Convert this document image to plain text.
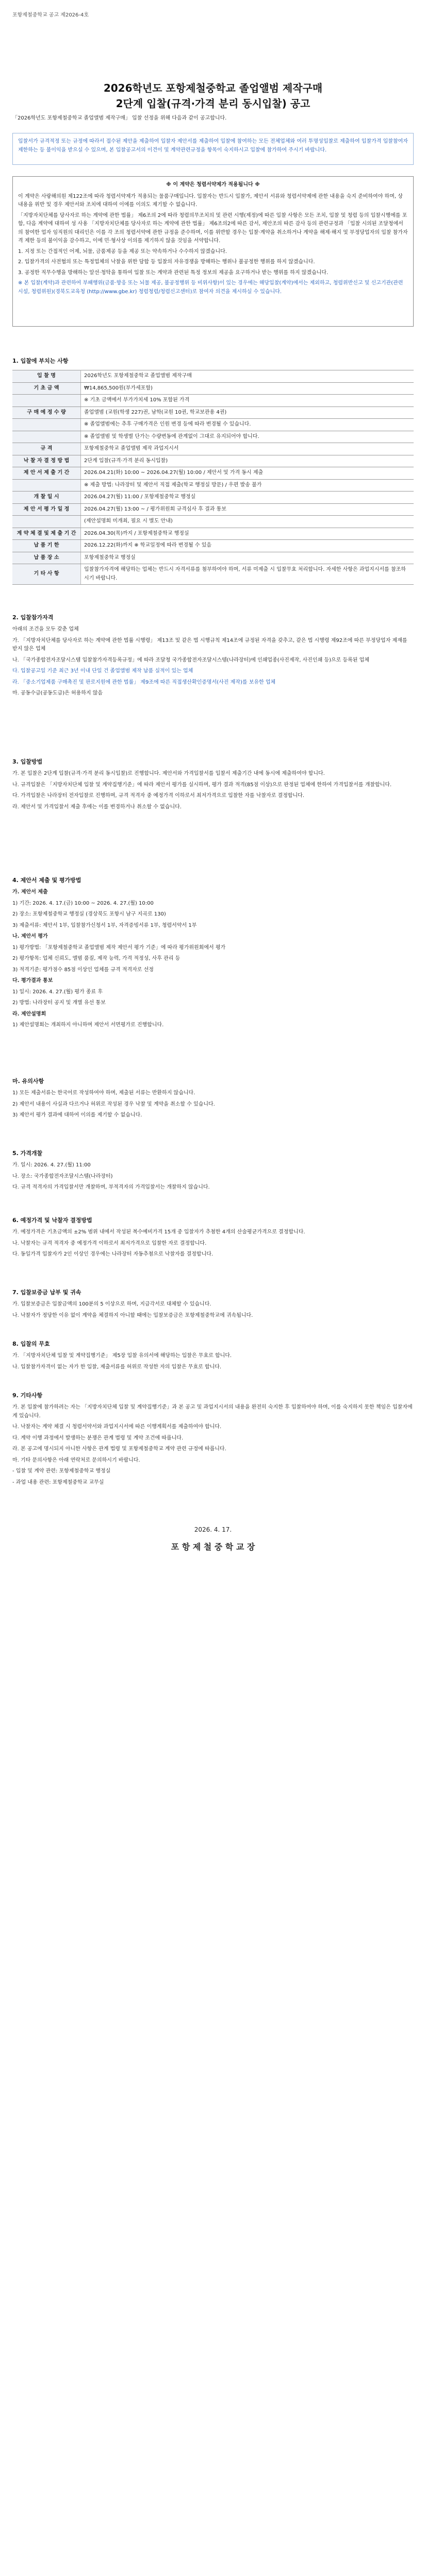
포항제철중학교 공고 제2026-4호
2026학년도 포항제철중학교 졸업앨범 제작구매
2단계 입찰(규격·가격 분리 동시입찰) 공고
「2026학년도 포항제철중학교 졸업앨범 제작구매」 입찰 선정을 위해 다음과 같이 공고합니다.
입찰서가 규격적정 또는 규정에 따라서 접수된 제안을 제출하여 입찰자 제안서를 제출하여 입찰에 참여하는 모든 전체업체와 여러 투명성입찰로 제출하여 입찰가격 입찰참여자 제한하는 등 불이익을 받으실 수 있으며, 본 입찰공고서의 이견이 및 계약관련규정을 항목이 숙지하시고 입찰에 참가하여 주시기 바랍니다.
※ 이 계약은 청렴서약제가 적용됩니다 ※

이 계약은 사랑해의원 제122조에 따라 청렴서약제가 적용되는 물품구매입니다. 입찰자는 반드시 입찰가, 제안서 서류와 청렴서약제에 관한 내용을 숙지 준비하여야 하며, 상 내용을 위반 및 경우 제안서와 조치에 대하여 이에를 이의도 제기할 수 없습니다.

「지방자치단체를 당사자로 하는 계약에 관한 법률」 제6조의 2에 따라 청렴의무조치의 및 관련 시행(제정)에 따른 입찰 사항은 모든 조치, 입찰 및 청렴 등의 입찰시행에를 포함, 다음 계약에 대하여 성 사용 「지방자치단체를 당사자로 하는 계약에 관한 법률」 제6조의2에 따른 감서, 제안조의 따른 감사 등의 관련규정과 「입찰 시의된 조달청에서의 참여한 업자 임직원의 대리인은 이를 각 조의 청렴서약에 관한 규정을 준수하며, 이를 위반할 경우는 입찰·계약을 취소하거나 계약을 해제·해지 및 부정당업자의 입찰 참가자격 제한 등의 불이익을 감수하고, 이에 민·형사상 이의를 제기하지 않을 것임을 서약합니다.

1. 지정 또는 간접적인 어제, 뇌물, 금품제공 등을 제공 또는 약속하거나 수수하지 않겠습니다.

2. 입찰가격의 사전협의 또는 특정업체의 낙찰을 위한 담합 등 입찰의 자유경쟁을 방해하는 행위나 불공정한 행위를 하지 않겠습니다.

3. 공정한 직무수행을 방해하는 알선·청탁을 통하여 입찰 또는 계약과 관련된 특정 정보의 제공을 요구하거나 받는 행위를 하지 않겠습니다.

※ 본 입찰(계약)과 관련하여 부패행위(금품·향응 또는 뇌물 제공, 불공정행위 등 비위사항)이 있는 경우에는 해당입찰(계약)에서는 제외하고, 청렴위반신고 및 신고기관(관련 시설, 청렴위원)(경북도교육청 (http://www.gbe.kr) 청렴청렴/청렴신고센터)로 참여자 의견을 제시하실 수 있습니다.

1. 입찰에 부치는 사항
입 찰 명	2026학년도 포항제철중학교 졸업앨범 제작구매
기 초 금 액	₩14,865,500원(부가세포함)
	※ 기초 금액에서 부가가치세 10% 포함된 가격
구 매 예 정 수 량	졸업앨범 (교원(학생 227)권, 남학(교원 10권, 학교보관용 4권)
	※ 졸업앨범에는 추후 구매가격은 인원 변경 등에 따라 변경될 수 있습니다.
	※ 졸업앨범 및 학생별 단가는 수량변동에 관계없이 그대로 유지되어야 합니다.
규 격	포항제철중학교 졸업앨범 제작 과업지시서
낙 찰 자 결 정 방 법	2단계 입찰(규격·가격 분리 동시입찰)
제 안 서 제 출 기 간	2026.04.21(화) 10:00 ~ 2026.04.27(월) 10:00 / 제안서 및 가격 동시 제출
	※ 제출 방법: 나라장터 및 제안서 직접 제출(학교 행정실 방문) / 우편 발송 불가
개 찰 일 시	2026.04.27(월) 11:00 / 포항제철중학교 행정실
제 안 서 평 가 일 정	2026.04.27(월) 13:00 ~ / 평가위원회 규격심사 후 결과 통보
	(제안설명회 미개최, 필요 시 별도 안내)
계 약 체 결 및 제 출 기 간	2026.04.30(목)까지 / 포항제철중학교 행정실
납 품 기 한	2026.12.22(화)까지 ※ 학교일정에 따라 변경될 수 있음
납 품 장 소	포항제철중학교 행정실
기 타 사 항	입찰참가자격에 해당하는 업체는 반드시 자격서류를 첨부하여야 하며, 서류 미제출 시 입찰무효 처리합니다. 자세한 사항은 과업지시서를 참조하시기 바랍니다.
2. 입찰참가자격

아래의 조건을 모두 갖춘 업체

가. 「지방자치단체를 당사자로 하는 계약에 관한 법률 시행령」 제13조 및 같은 법 시행규칙 제14조에 규정된 자격을 갖추고, 같은 법 시행령 제92조에 따른 부정당업자 제재를 받지 않은 업체

나. 「국가종합전자조달시스템 입찰참가자격등록규정」에 따라 조달청 국가종합전자조달시스템(나라장터)에 인쇄업종(사진제작, 사진인쇄 등)으로 등록된 업체

다. 입찰공고일 기준 최근 3년 이내 단일 건 졸업앨범 제작 납품 실적이 있는 업체

라. 「중소기업제품 구매촉진 및 판로지원에 관한 법률」 제9조에 따른 직접생산확인증명서(사진 제작)를 보유한 업체

마. 공동수급(공동도급)은 허용하지 않음

3. 입찰방법

가. 본 입찰은 2단계 입찰(규격·가격 분리 동시입찰)로 진행합니다. 제안서와 가격입찰서를 입찰서 제출기간 내에 동시에 제출하여야 합니다.

나. 규격입찰은 「지방자치단체 입찰 및 계약집행기준」에 따라 제안서 평가를 실시하며, 평가 결과 적격(85점 이상)으로 판정된 업체에 한하여 가격입찰서를 개찰합니다.

다. 가격입찰은 나라장터 전자입찰로 진행하며, 규격 적격자 중 예정가격 이하로서 최저가격으로 입찰한 자를 낙찰자로 결정합니다.

라. 제안서 및 가격입찰서 제출 후에는 이를 변경하거나 취소할 수 없습니다.

4. 제안서 제출 및 평가방법

가. 제안서 제출

1) 기간: 2026. 4. 17.(금) 10:00 ~ 2026. 4. 27.(월) 10:00

2) 장소: 포항제철중학교 행정실 (경상북도 포항시 남구 지곡로 130)

3) 제출서류: 제안서 1부, 입찰참가신청서 1부, 자격증빙서류 1부, 청렴서약서 1부

나. 제안서 평가

1) 평가방법: 「포항제철중학교 졸업앨범 제작 제안서 평가 기준」에 따라 평가위원회에서 평가

2) 평가항목: 업체 신뢰도, 앨범 품질, 제작 능력, 가격 적정성, 사후 관리 등

3) 적격기준: 평가점수 85점 이상인 업체를 규격 적격자로 선정

다. 평가결과 통보

1) 일시: 2026. 4. 27.(월) 평가 종료 후

2) 방법: 나라장터 공지 및 개별 유선 통보

라. 제안설명회

1) 제안설명회는 개최하지 아니하며 제안서 서면평가로 진행합니다.

마. 유의사항

1) 모든 제출서류는 한국어로 작성하여야 하며, 제출된 서류는 반환하지 않습니다.

2) 제안서 내용이 사실과 다르거나 허위로 작성된 경우 낙찰 및 계약을 취소할 수 있습니다.

3) 제안서 평가 결과에 대하여 이의를 제기할 수 없습니다.

5. 가격개찰

가. 일시: 2026. 4. 27.(월) 11:00

나. 장소: 국가종합전자조달시스템(나라장터)

다. 규격 적격자의 가격입찰서만 개찰하며, 부적격자의 가격입찰서는 개찰하지 않습니다.

6. 예정가격 및 낙찰자 결정방법

가. 예정가격은 기초금액의 ±2% 범위 내에서 작성된 복수예비가격 15개 중 입찰자가 추첨한 4개의 산술평균가격으로 결정합니다.

나. 낙찰자는 규격 적격자 중 예정가격 이하로서 최저가격으로 입찰한 자로 결정합니다.

다. 동일가격 입찰자가 2인 이상인 경우에는 나라장터 자동추첨으로 낙찰자를 결정합니다.

7. 입찰보증금 납부 및 귀속

가. 입찰보증금은 입찰금액의 100분의 5 이상으로 하며, 지급각서로 대체할 수 있습니다.

나. 낙찰자가 정당한 이유 없이 계약을 체결하지 아니할 때에는 입찰보증금은 포항제철중학교에 귀속됩니다.

8. 입찰의 무효

가. 「지방자치단체 입찰 및 계약집행기준」 제5장 입찰 유의서에 해당하는 입찰은 무효로 합니다.

나. 입찰참가자격이 없는 자가 한 입찰, 제출서류를 허위로 작성한 자의 입찰은 무효로 합니다.

9. 기타사항

가. 본 입찰에 참가하려는 자는 「지방자치단체 입찰 및 계약집행기준」과 본 공고 및 과업지시서의 내용을 완전히 숙지한 후 입찰하여야 하며, 이를 숙지하지 못한 책임은 입찰자에게 있습니다.

나. 낙찰자는 계약 체결 시 청렴서약서와 과업지시서에 따른 이행계획서를 제출하여야 합니다.

다. 계약 이행 과정에서 발생하는 분쟁은 관계 법령 및 계약 조건에 따릅니다.

라. 본 공고에 명시되지 아니한 사항은 관계 법령 및 포항제철중학교 계약 관련 규정에 따릅니다.

마. 기타 문의사항은 아래 연락처로 문의하시기 바랍니다.

- 입찰 및 계약 관련: 포항제철중학교 행정실

- 과업 내용 관련: 포항제철중학교 교무실

2026. 4. 17.
포 항 제 철 중 학 교 장
